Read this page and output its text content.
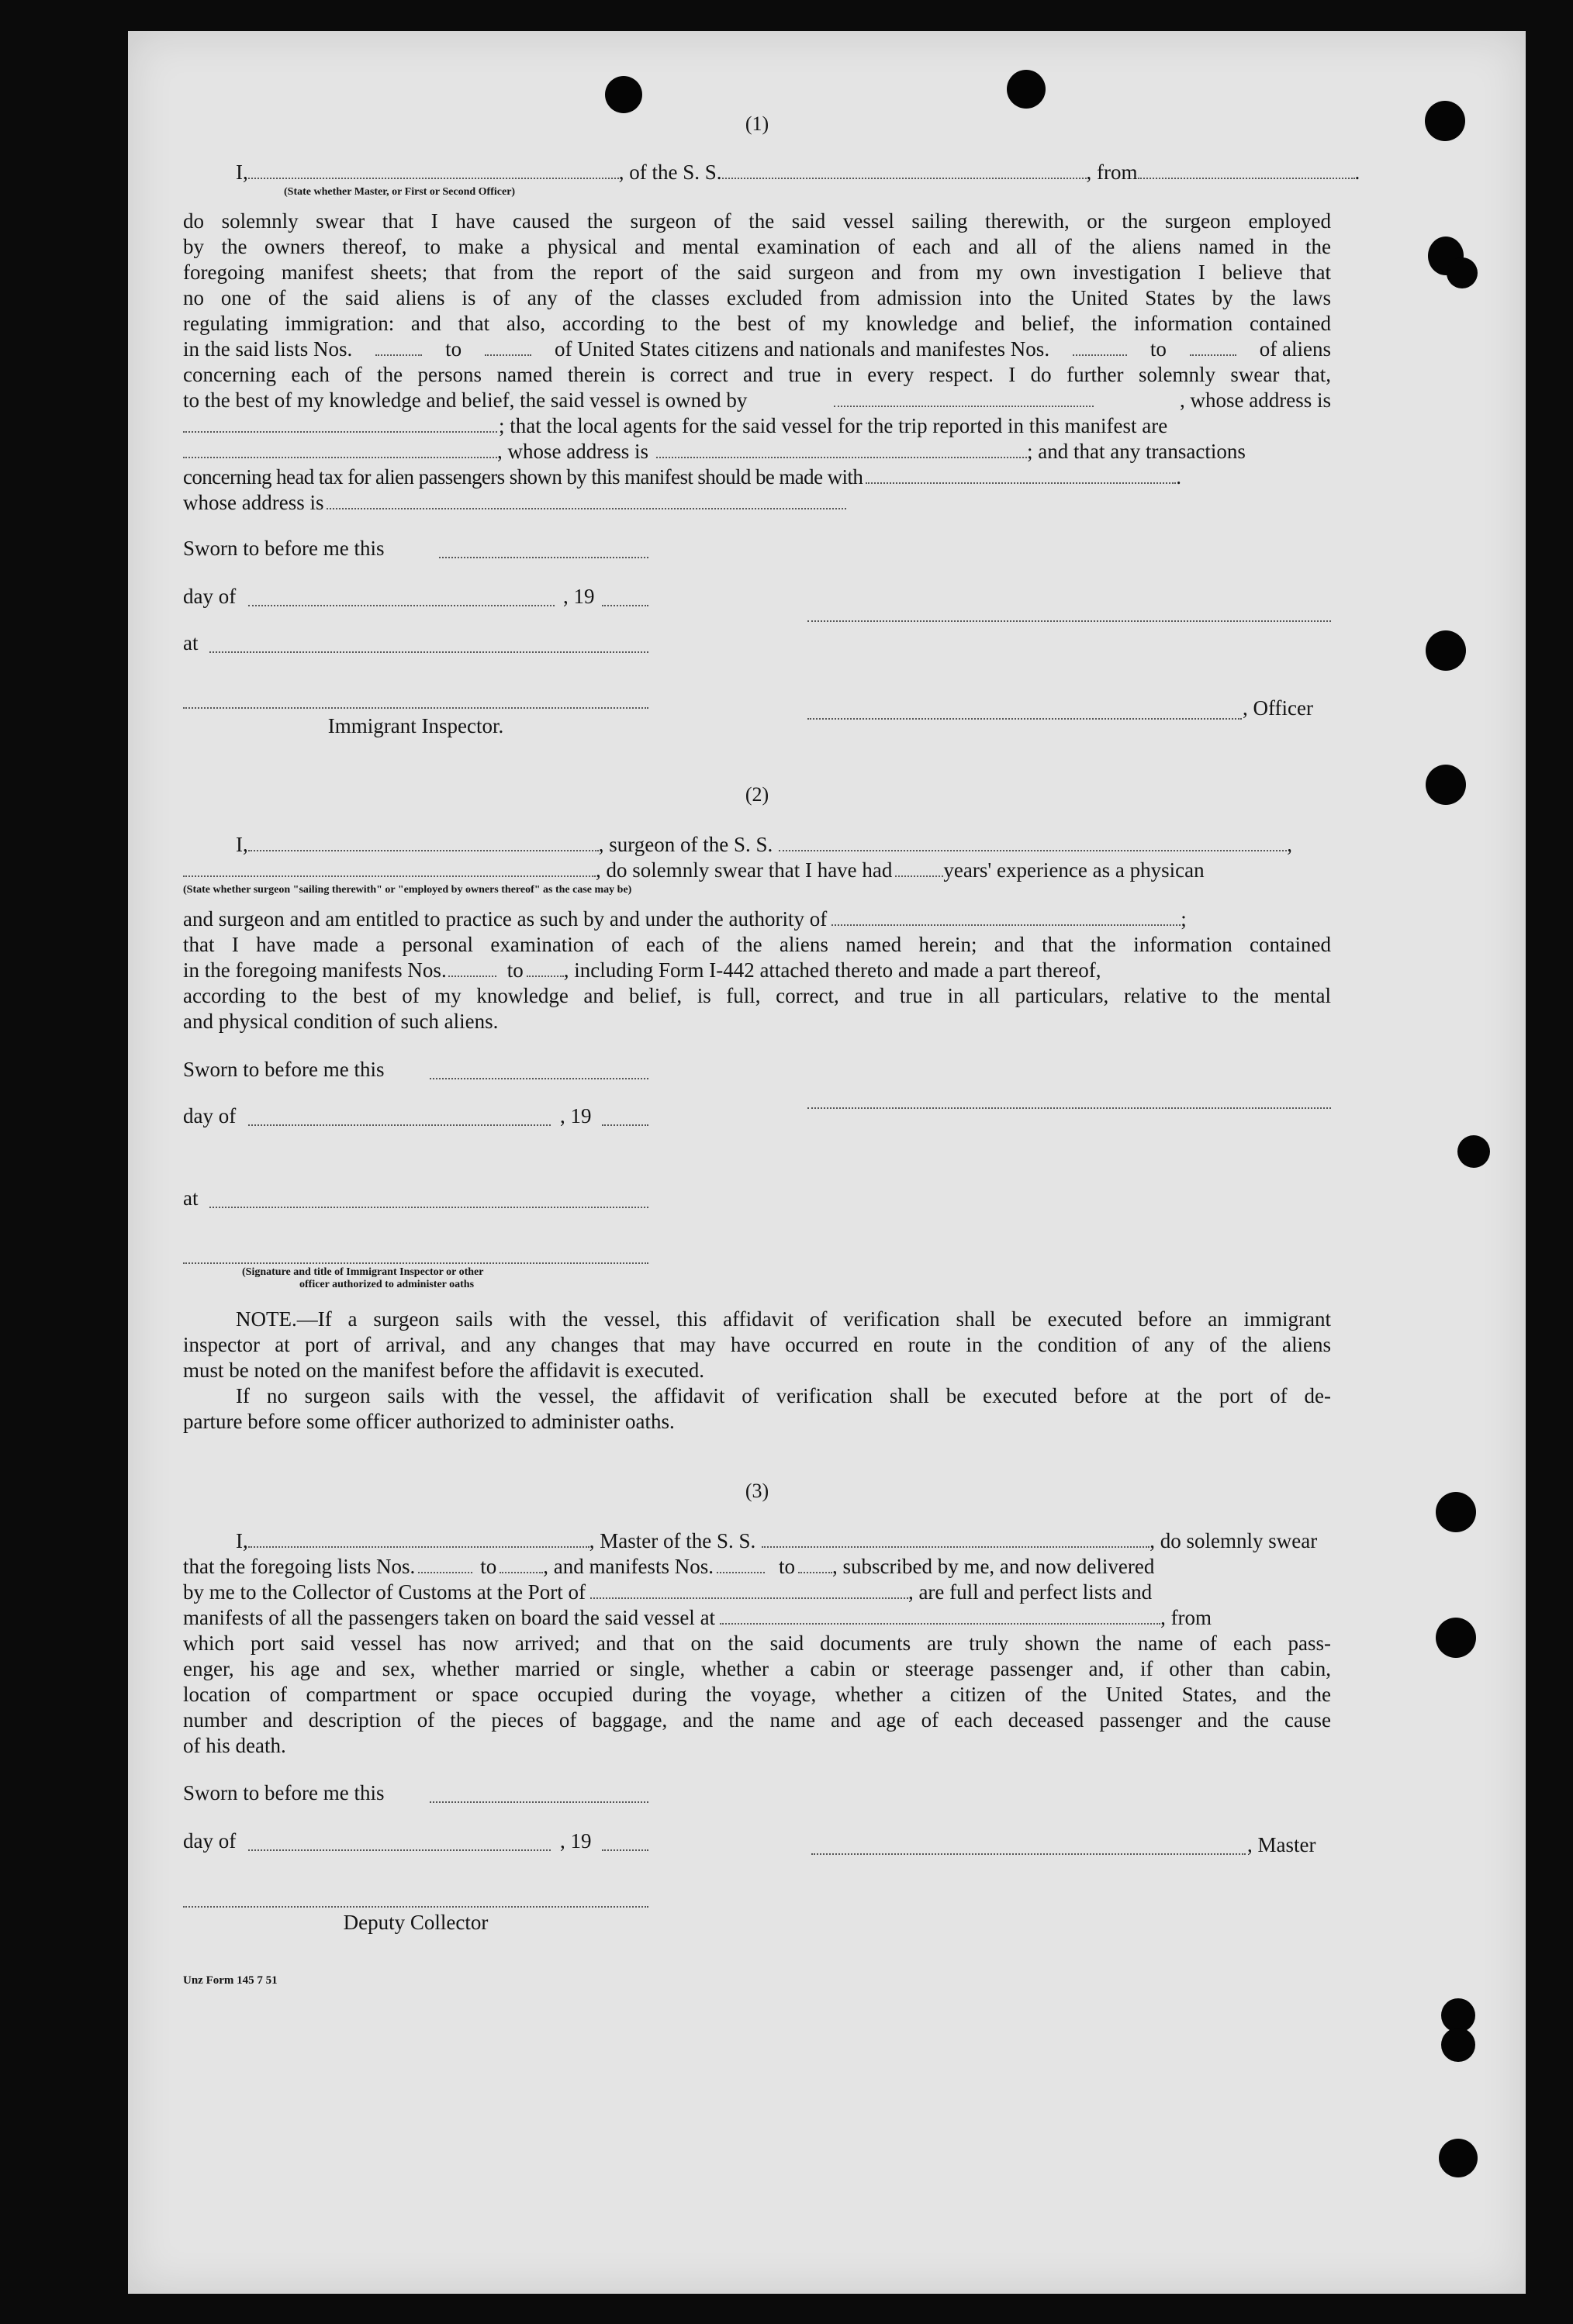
(1)
I,	, of the S. S.	, from	.
(State whether Master, or First or Second Officer)
do solemnly swear that I have caused the surgeon of the said vessel sailing therewith, or the surgeon employed
by the owners thereof, to make a physical and mental examination of each and all of the aliens named in the
foregoing manifest sheets; that from the report of the said surgeon and from my own investigation I believe that
no one of the said aliens is of any of the classes excluded from admission into the United States by the laws
regulating immigration: and that also, according to the best of my knowledge and belief, the information contained
in the said lists Nos.	to	of United States citizens and nationals and manifestes Nos.	to	of aliens
concerning each of the persons named therein is correct and true in every respect. I do further solemnly swear that,
to the best of my knowledge and belief, the said vessel is owned by	, whose address is
; that the local agents for the said vessel for the trip reported in this manifest are
, whose address is	; and that any transactions
concerning head tax for alien passengers shown by this manifest should be made with	.
whose address is
Sworn to before me this
day of	, 19
at
, Officer
Immigrant Inspector.
(2)
I,	, surgeon of the S. S.	,
, do solemnly swear that I have had years' experience as a physican
(State whether surgeon "sailing therewith" or "employed by owners thereof" as the case may be)
and surgeon and am entitled to practice as such by and under the authority of	;
that I have made a personal examination of each of the aliens named herein; and that the information contained
in the foregoing manifests Nos.	to , including Form I-442 attached thereto and made a part thereof,
according to the best of my knowledge and belief, is full, correct, and true in all particulars, relative to the mental
and physical condition of such aliens.
Sworn to before me this
day of	, 19
at
(Signature and title of Immigrant Inspector or other
officer authorized to administer oaths
NOTE.—If a surgeon sails with the vessel, this affidavit of verification shall be executed before an immigrant
inspector at port of arrival, and any changes that may have occurred en route in the condition of any of the aliens
must be noted on the manifest before the affidavit is executed.
If no surgeon sails with the vessel, the affidavit of verification shall be executed before at the port of de-
parture before some officer authorized to administer oaths.
(3)
I,	, Master of the S. S.	, do solemnly swear
that the foregoing lists Nos.	to , and manifests Nos.	to , subscribed by me, and now delivered
by me to the Collector of Customs at the Port of	, are full and perfect lists and
manifests of all the passengers taken on board the said vessel at	, from
which port said vessel has now arrived; and that on the said documents are truly shown the name of each pass-
enger, his age and sex, whether married or single, whether a cabin or steerage passenger and, if other than cabin,
location of compartment or space occupied during the voyage, whether a citizen of the United States, and the
number and description of the pieces of baggage, and the name and age of each deceased passenger and the cause
of his death.
Sworn to before me this
day of	, 19	, Master
Deputy Collector
Unz Form 145 7 51
